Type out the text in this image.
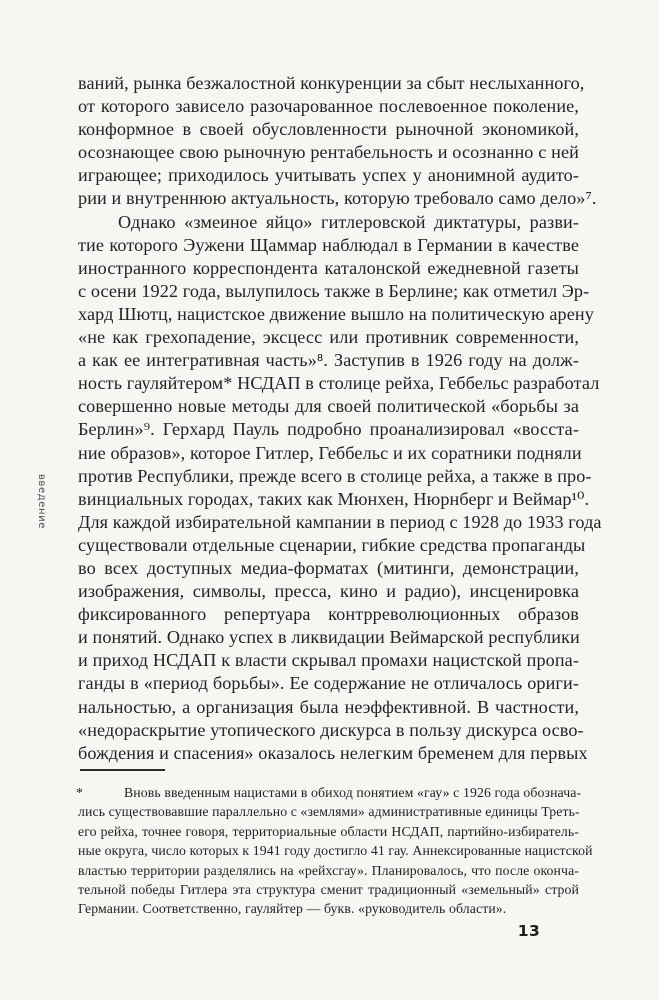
введение
ваний, рынка безжалостной конкуренции за сбыт неслыханного,
от которого зависело разочарованное послевоенное поколение,
конформное в своей обусловленности рыночной экономикой,
осознающее свою рыночную рентабельность и осознанно с ней
играющее; приходилось учитывать успех у анонимной аудито-
рии и внутреннюю актуальность, которую требовало само дело»⁷.
Однако «змеиное яйцо» гитлеровской диктатуры, разви-
тие которого Эужени Щаммар наблюдал в Германии в качестве
иностранного корреспондента каталонской ежедневной газеты
с осени 1922 года, вылупилось также в Берлине; как отметил Эр-
хард Шютц, нацистское движение вышло на политическую арену
«не как грехопадение, эксцесс или противник современности,
а как ее интегративная часть»⁸. Заступив в 1926 году на долж-
ность гауляйтером* НСДАП в столице рейха, Геббельс разработал
совершенно новые методы для своей политической «борьбы за
Берлин»⁹. Герхард Пауль подробно проанализировал «восста-
ние образов», которое Гитлер, Геббельс и их соратники подняли
против Республики, прежде всего в столице рейха, а также в про-
винциальных городах, таких как Мюнхен, Нюрнберг и Веймар¹⁰.
Для каждой избирательной кампании в период с 1928 до 1933 года
существовали отдельные сценарии, гибкие средства пропаганды
во всех доступных медиа-форматах (митинги, демонстрации,
изображения, символы, пресса, кино и радио), инсценировка
фиксированного репертуара контрреволюционных образов
и понятий. Однако успех в ликвидации Веймарской республики
и приход НСДАП к власти скрывал промахи нацистской пропа-
ганды в «период борьбы». Ее содержание не отличалось ориги-
нальностью, а организация была неэффективной. В частности,
«недораскрытие утопического дискурса в пользу дискурса осво-
бождения и спасения» оказалось нелегким бременем для первых
*	Вновь введенным нацистами в обиход понятием «гау» с 1926 года обознача-
лись существовавшие параллельно с «землями» административные единицы Треть-
его рейха, точнее говоря, территориальные области НСДАП, партийно-избиратель-
ные округа, число которых к 1941 году достигло 41 гау. Аннексированные нацистской
властью территории разделялись на «рейхсгау». Планировалось, что после оконча-
тельной победы Гитлера эта структура сменит традиционный «земельный» строй
Германии. Соответственно, гауляйтер — букв. «руководитель области».
13
